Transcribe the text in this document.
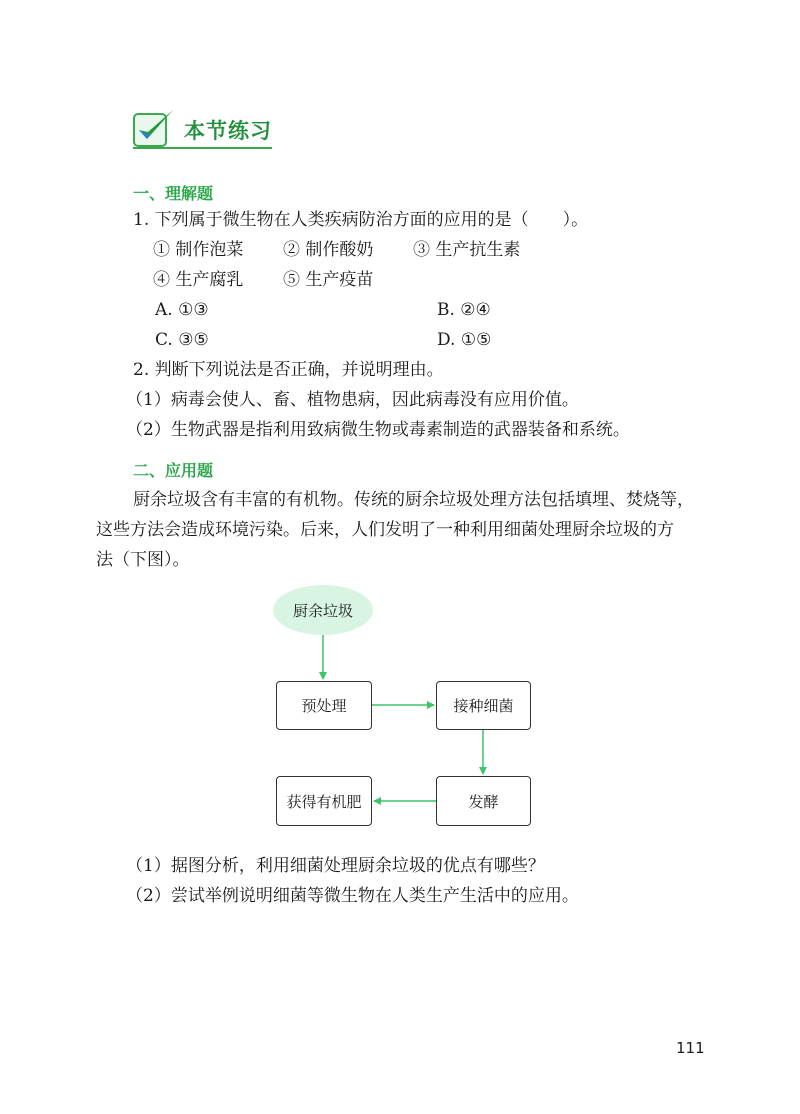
本节练习
一、理解题
1. 下列属于微生物在人类疾病防治方面的应用的是（　　）。
① 制作泡菜 ② 制作酸奶 ③ 生产抗生素
④ 生产腐乳 ⑤ 生产疫苗
A. ①③	B. ②④
C. ③⑤	D. ①⑤
2. 判断下列说法是否正确，并说明理由。
（1）病毒会使人、畜、植物患病，因此病毒没有应用价值。
（2）生物武器是指利用致病微生物或毒素制造的武器装备和系统。
二、应用题
厨余垃圾含有丰富的有机物。传统的厨余垃圾处理方法包括填埋、焚烧等，
这些方法会造成环境污染。后来，人们发明了一种利用细菌处理厨余垃圾的方
法（下图）。
厨余垃圾
预处理	接种细菌
发酵
获得有机肥
（1）据图分析，利用细菌处理厨余垃圾的优点有哪些？
（2）尝试举例说明细菌等微生物在人类生产生活中的应用。
111
